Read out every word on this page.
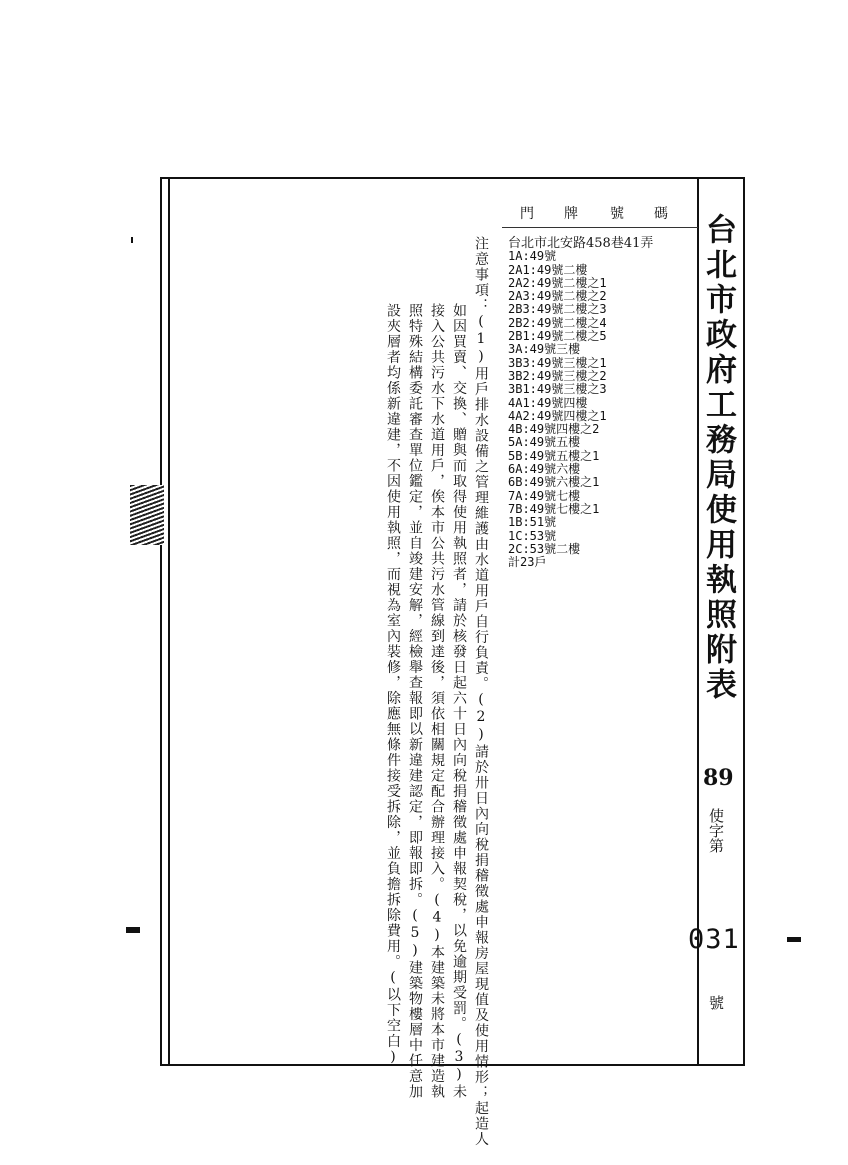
台北市政府工務局使用執照附表
門 牌 號 碼
89
使字第
031
號
台北市北安路458巷41弄
1A:49號
2A1:49號二樓
2A2:49號二樓之1
2A3:49號二樓之2
2B3:49號二樓之3
2B2:49號二樓之4
2B1:49號二樓之5
3A:49號三樓
3B3:49號三樓之1
3B2:49號三樓之2
3B1:49號三樓之3
4A1:49號四樓
4A2:49號四樓之1
4B:49號四樓之2
5A:49號五樓
5B:49號五樓之1
6A:49號六樓
6B:49號六樓之1
7A:49號七樓
7B:49號七樓之1
1B:51號
1C:53號
2C:53號二樓
計23戶
注意事項：(1)用戶排水設備之管理維護由水道用戶自行負責。(2)請於卅日內向稅捐稽徵處申報房屋現值及使用情形；起造人
如因買賣、交換、贈與而取得使用執照者，請於核發日起六十日內向稅捐稽徵處申報契稅，以免逾期受罰。(3)未
接入公共污水下水道用戶，俟本市公共污水管線到達後，須依相關規定配合辦理接入。(4)本建築未將本市建造執
照特殊結構委託審查單位鑑定，並自竣建安解，經檢舉查報即以新違建認定，即報即拆。(5)建築物樓層中任意加
設夾層者均係新違建，不因使用執照，而視為室內裝修，除應無條件接受拆除，並負擔拆除費用。(以下空白)
